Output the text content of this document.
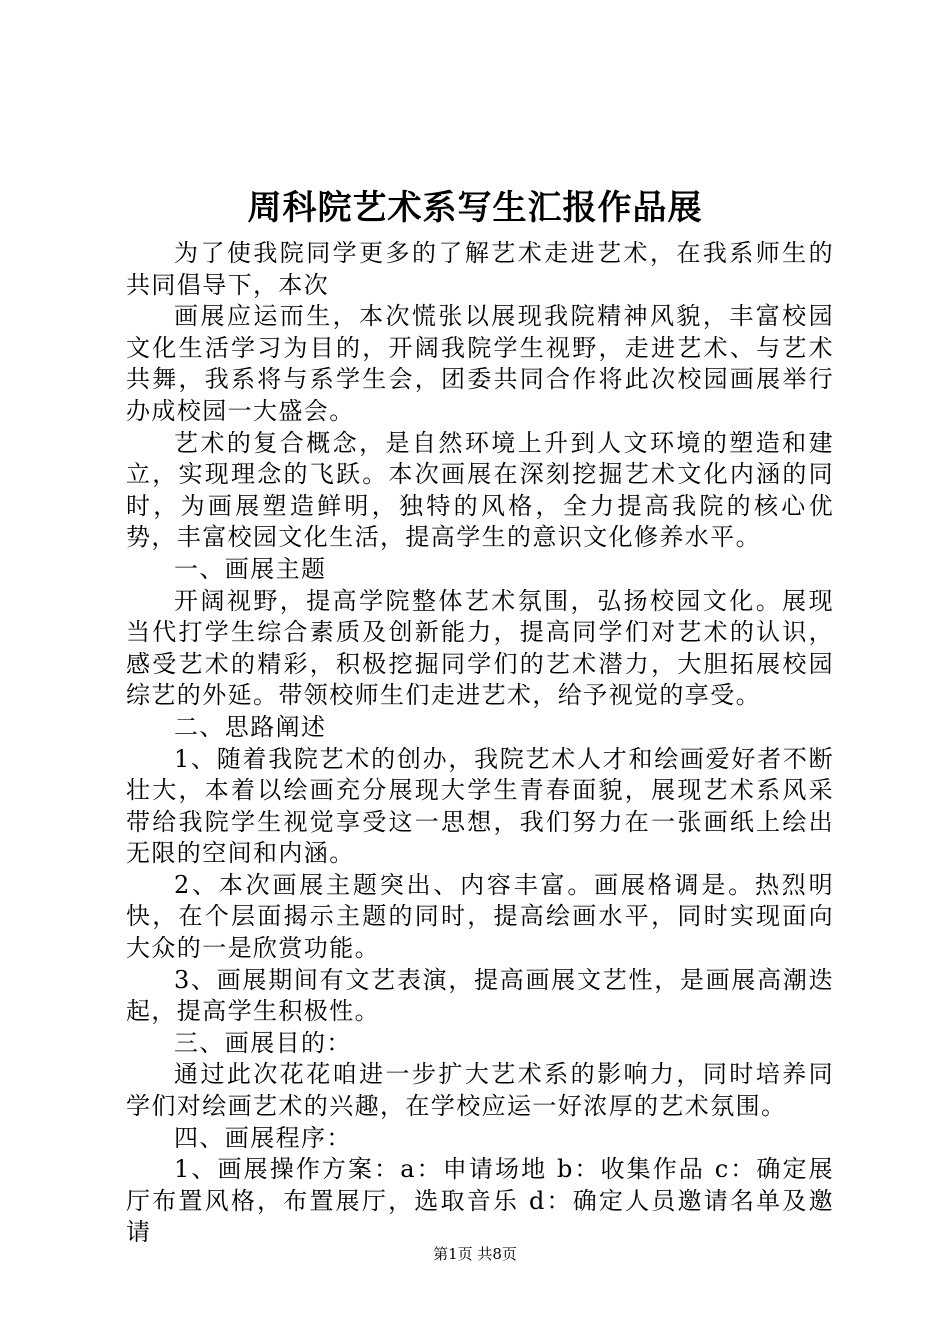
周科院艺术系写生汇报作品展

为了使我院同学更多的了解艺术走进艺术，在我系师生的共同倡导下，本次

画展应运而生，本次慌张以展现我院精神风貌，丰富校园文化生活学习为目的，开阔我院学生视野，走进艺术、与艺术共舞，我系将与系学生会，团委共同合作将此次校园画展举行办成校园一大盛会。

艺术的复合概念，是自然环境上升到人文环境的塑造和建立，实现理念的飞跃。本次画展在深刻挖掘艺术文化内涵的同时，为画展塑造鲜明，独特的风格，全力提高我院的核心优势，丰富校园文化生活，提高学生的意识文化修养水平。

一、画展主题

开阔视野，提高学院整体艺术氛围，弘扬校园文化。展现当代打学生综合素质及创新能力，提高同学们对艺术的认识，感受艺术的精彩，积极挖掘同学们的艺术潜力，大胆拓展校园综艺的外延。带领校师生们走进艺术，给予视觉的享受。

二、思路阐述

1、随着我院艺术的创办，我院艺术人才和绘画爱好者不断壮大，本着以绘画充分展现大学生青春面貌，展现艺术系风采带给我院学生视觉享受这一思想，我们努力在一张画纸上绘出无限的空间和内涵。

2、本次画展主题突出、内容丰富。画展格调是。热烈明快，在个层面揭示主题的同时，提高绘画水平，同时实现面向大众的一是欣赏功能。

3、画展期间有文艺表演，提高画展文艺性，是画展高潮迭起，提高学生积极性。

三、画展目的：

通过此次花花咱进一步扩大艺术系的影响力，同时培养同学们对绘画艺术的兴趣，在学校应运一好浓厚的艺术氛围。

四、画展程序：

1、画展操作方案：a：申请场地 b：收集作品 c：确定展厅布置风格，布置展厅，选取音乐 d：确定人员邀请名单及邀请

第1页 共8页
